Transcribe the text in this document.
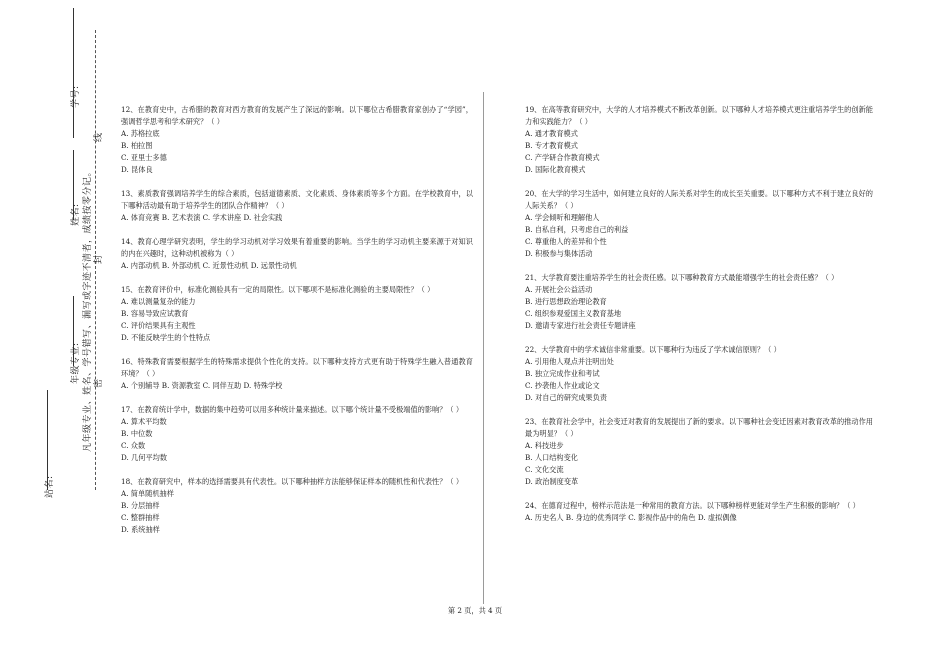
学号:
线
封
密
凡年级专业、姓名、学号错写、漏写或字迹不清者，成绩按零分记。
姓名:
年级专业:
站名:
12、在教育史中，古希腊的教育对西方教育的发展产生了深远的影响。以下哪位古希腊教育家创办了“学园”，强调哲学思考和学术研究？（ ）
A. 苏格拉底
B. 柏拉图
C. 亚里士多德
D. 昆体良
13、素质教育强调培养学生的综合素质，包括道德素质、文化素质、身体素质等多个方面。在学校教育中，以下哪种活动最有助于培养学生的团队合作精神？（ ）
A. 体育竞赛 B. 艺术表演 C. 学术讲座 D. 社会实践
14、教育心理学研究表明，学生的学习动机对学习效果有着重要的影响。当学生的学习动机主要来源于对知识的内在兴趣时，这种动机被称为（ ）
A. 内部动机 B. 外部动机 C. 近景性动机 D. 远景性动机
15、在教育评价中，标准化测验具有一定的局限性。以下哪项不是标准化测验的主要局限性？（ ）
A. 难以测量复杂的能力
B. 容易导致应试教育
C. 评价结果具有主观性
D. 不能反映学生的个性特点
16、特殊教育需要根据学生的特殊需求提供个性化的支持。以下哪种支持方式更有助于特殊学生融入普通教育环境？（ ）
A. 个别辅导 B. 资源教室 C. 同伴互助 D. 特殊学校
17、在教育统计学中，数据的集中趋势可以用多种统计量来描述。以下哪个统计量不受极端值的影响？（ ）
A. 算术平均数
B. 中位数
C. 众数
D. 几何平均数
18、在教育研究中，样本的选择需要具有代表性。以下哪种抽样方法能够保证样本的随机性和代表性？（ ）
A. 简单随机抽样
B. 分层抽样
C. 整群抽样
D. 系统抽样
19、在高等教育研究中，大学的人才培养模式不断改革创新。以下哪种人才培养模式更注重培养学生的创新能力和实践能力？（ ）
A. 通才教育模式
B. 专才教育模式
C. 产学研合作教育模式
D. 国际化教育模式
20、在大学的学习生活中，如何建立良好的人际关系对学生的成长至关重要。以下哪种方式不利于建立良好的人际关系？（ ）
A. 学会倾听和理解他人
B. 自私自利，只考虑自己的利益
C. 尊重他人的差异和个性
D. 积极参与集体活动
21、大学教育要注重培养学生的社会责任感。以下哪种教育方式最能增强学生的社会责任感？（ ）
A. 开展社会公益活动
B. 进行思想政治理论教育
C. 组织参观爱国主义教育基地
D. 邀请专家进行社会责任专题讲座
22、大学教育中的学术诚信非常重要。以下哪种行为违反了学术诚信原则？（ ）
A. 引用他人观点并注明出处
B. 独立完成作业和考试
C. 抄袭他人作业或论文
D. 对自己的研究成果负责
23、在教育社会学中，社会变迁对教育的发展提出了新的要求。以下哪种社会变迁因素对教育改革的推动作用最为明显？（ ）
A. 科技进步
B. 人口结构变化
C. 文化交流
D. 政治制度变革
24、在德育过程中，榜样示范法是一种常用的教育方法。以下哪种榜样更能对学生产生积极的影响？（ ）
A. 历史名人 B. 身边的优秀同学 C. 影视作品中的角色 D. 虚拟偶像
第 2 页，共 4 页
